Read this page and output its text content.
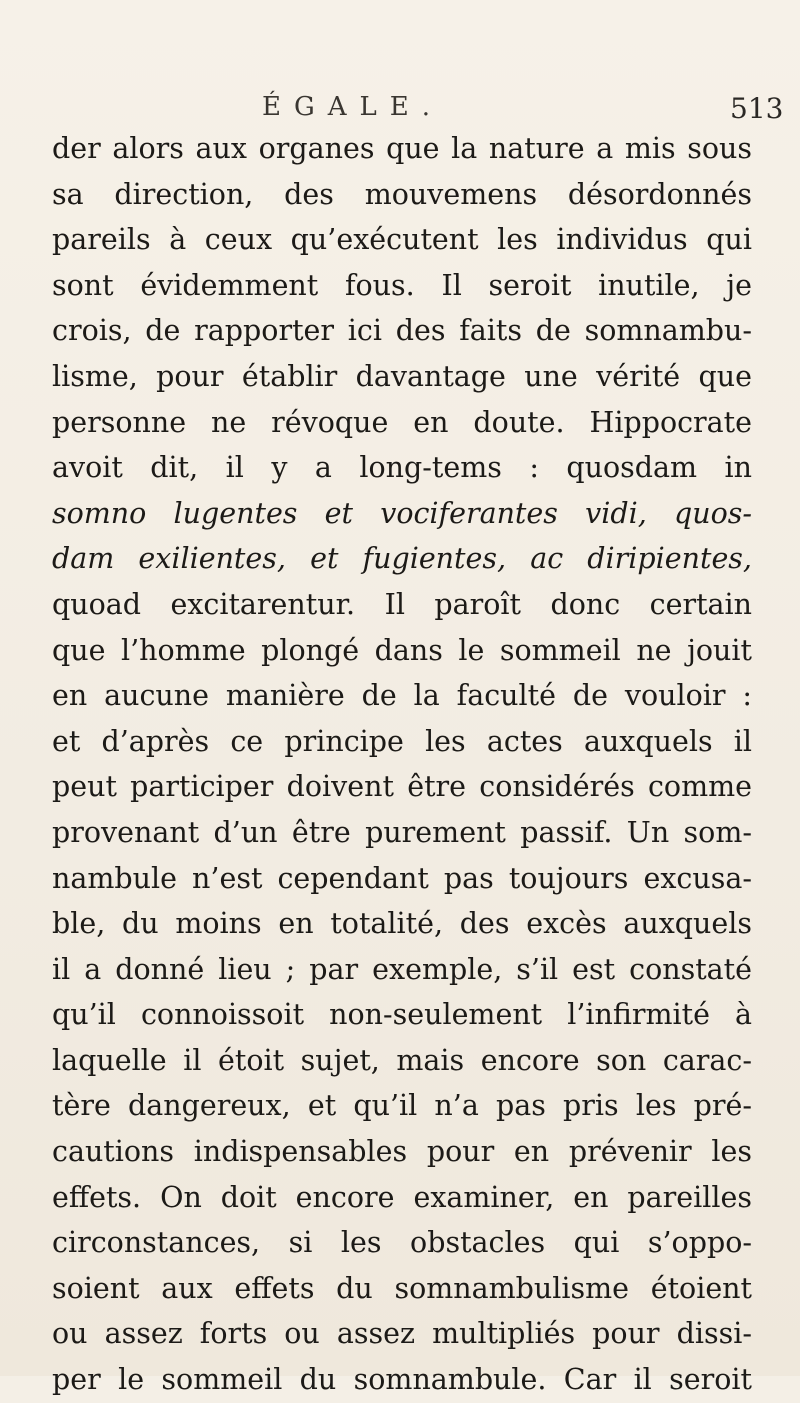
ÉGALE.	513
der alors aux organes que la nature a mis sous
sa direction, des mouvemens désordonnés
pareils à ceux qu’exécutent les individus qui
sont évidemment fous. Il seroit inutile, je
crois, de rapporter ici des faits de somnambu-
lisme, pour établir davantage une vérité que
personne ne révoque en doute. Hippocrate
avoit dit, il y a long-tems : quosdam in
somno lugentes et vociferantes vidi, quos-
dam exilientes, et fugientes, ac diripientes,
quoad excitarentur. Il paroît donc certain
que l’homme plongé dans le sommeil ne jouit
en aucune manière de la faculté de vouloir :
et d’après ce principe les actes auxquels il
peut participer doivent être considérés comme
provenant d’un être purement passif. Un som-
nambule n’est cependant pas toujours excusa-
ble, du moins en totalité, des excès auxquels
il a donné lieu ; par exemple, s’il est constaté
qu’il connoissoit non-seulement l’infirmité à
laquelle il étoit sujet, mais encore son carac-
tère dangereux, et qu’il n’a pas pris les pré-
cautions indispensables pour en prévenir les
effets. On doit encore examiner, en pareilles
circonstances, si les obstacles qui s’oppo-
soient aux effets du somnambulisme étoient
ou assez forts ou assez multipliés pour dissi-
per le sommeil du somnambule. Car il seroit
